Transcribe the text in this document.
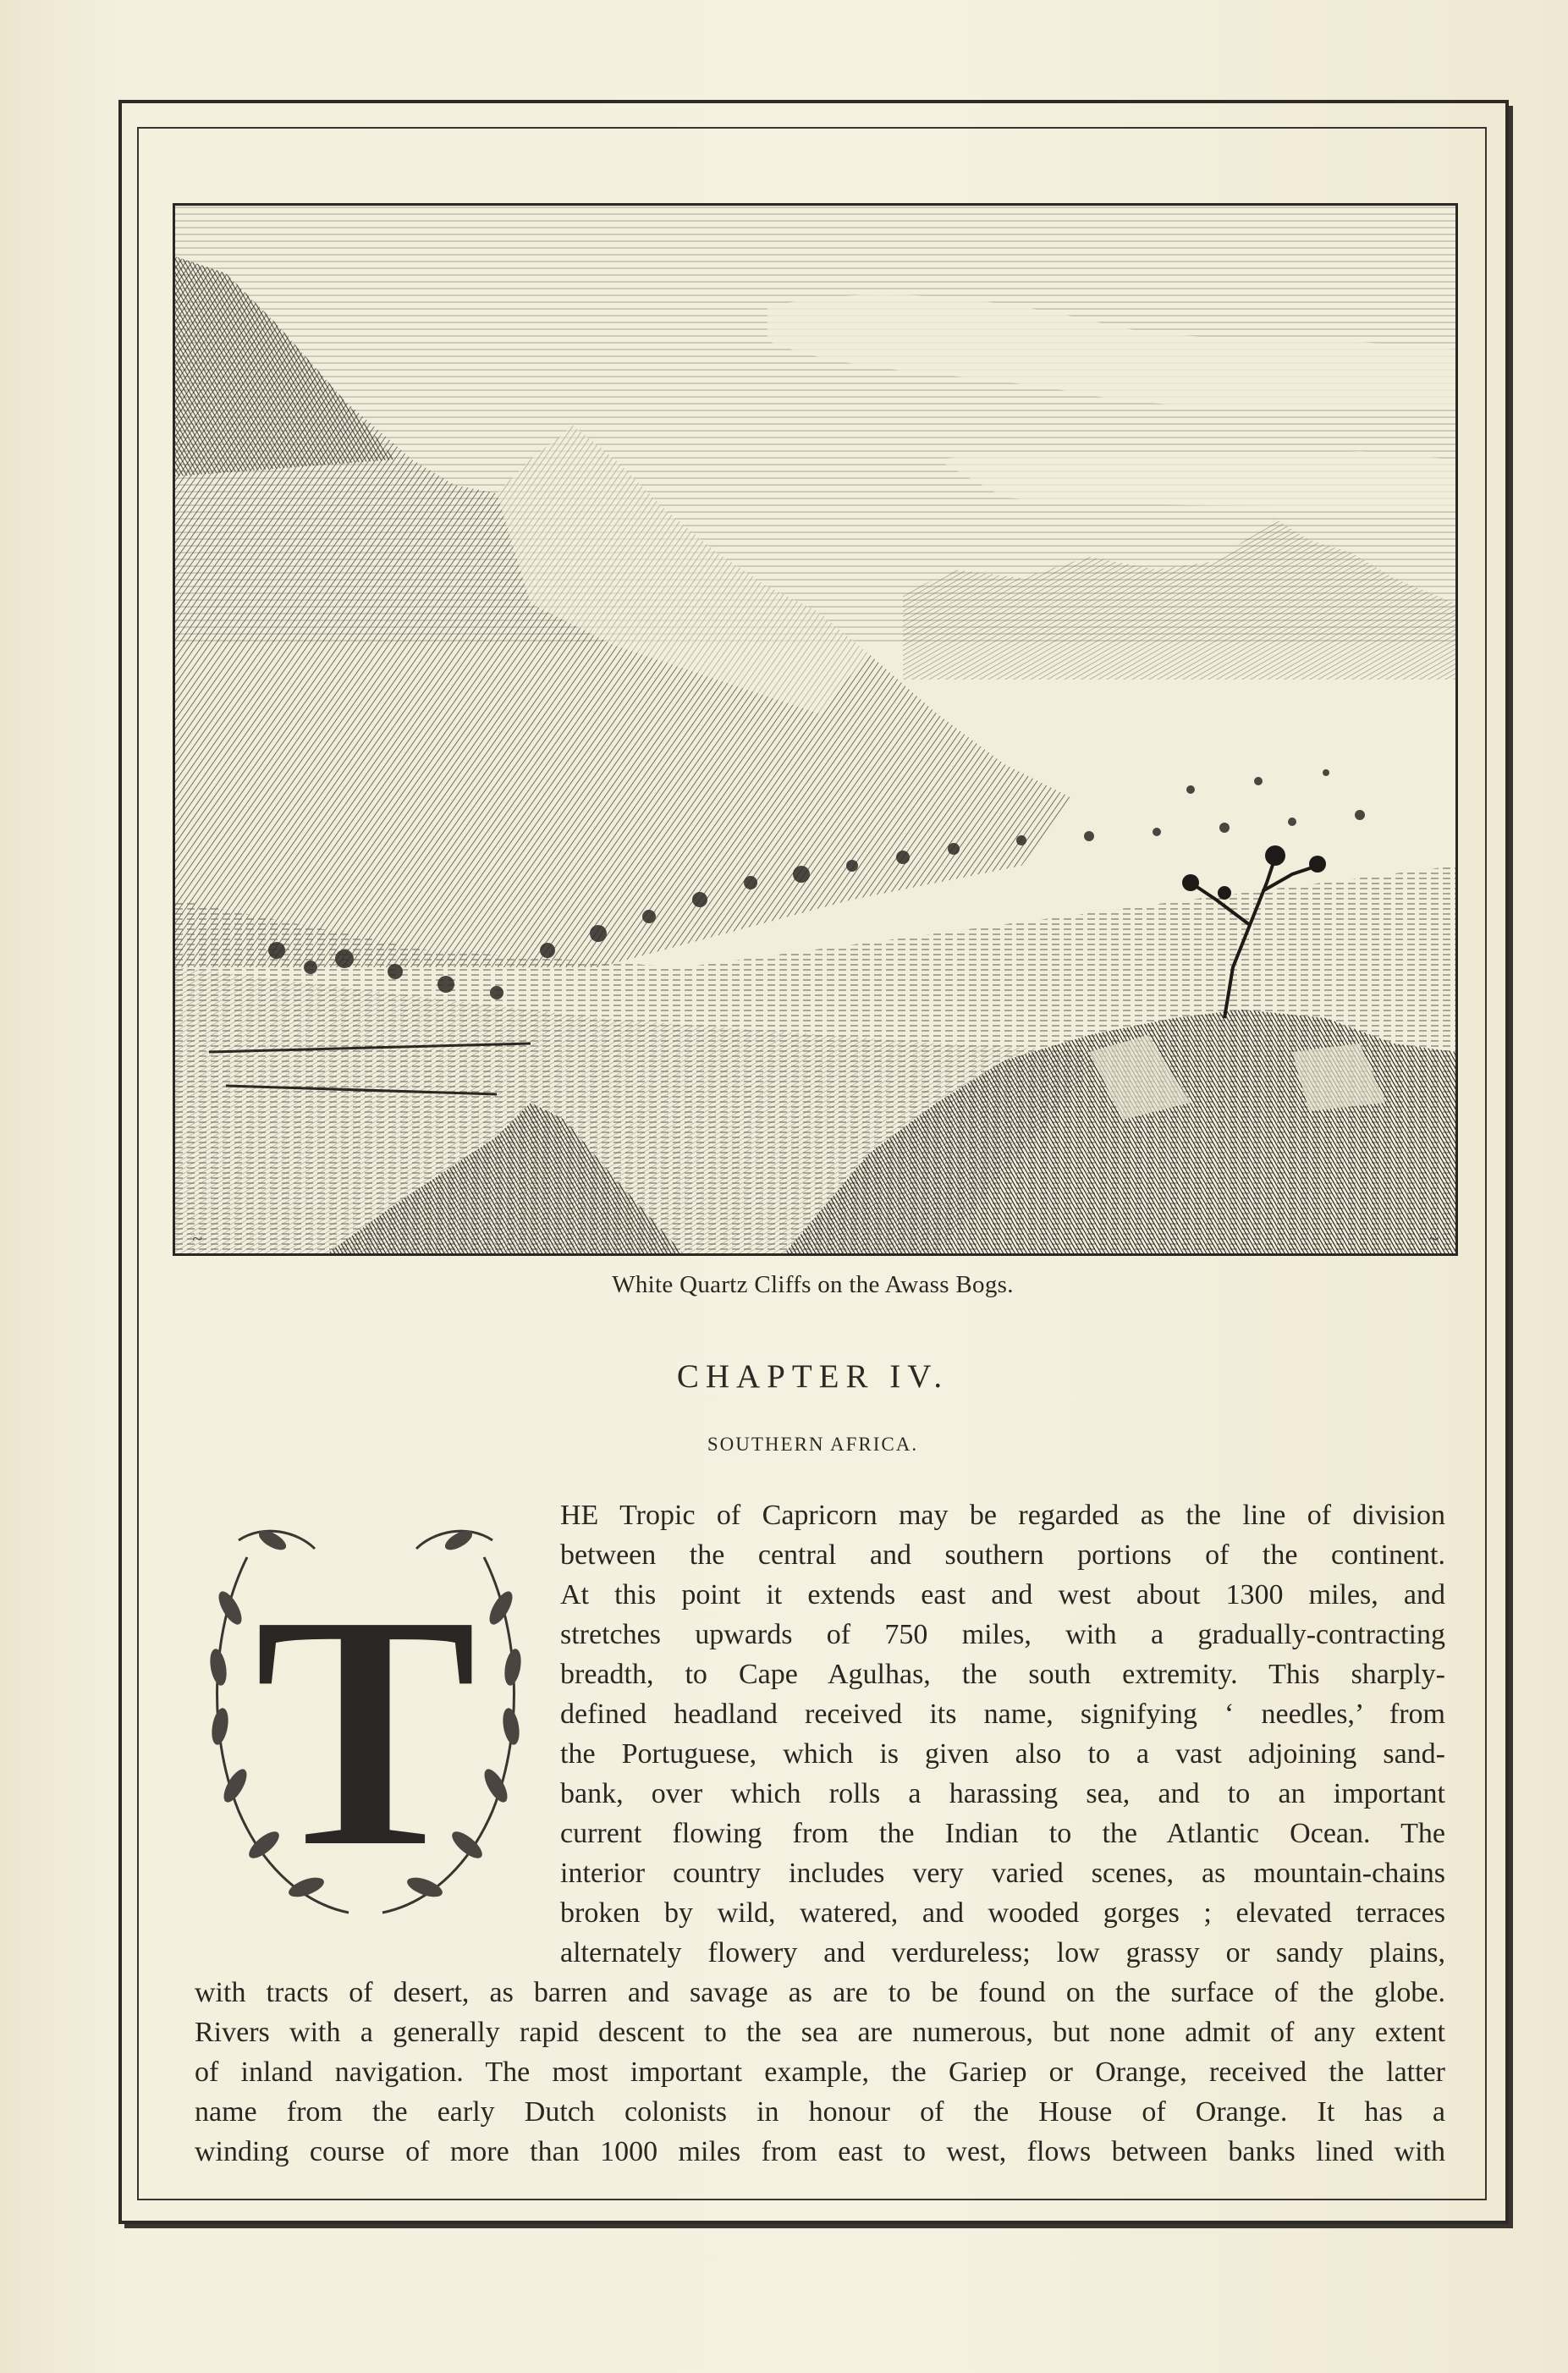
~	~
White Quartz Cliffs on the Awass Bogs.
CHAPTER IV.
SOUTHERN AFRICA.
T
HE Tropic of Capricorn may be regarded as the line of division
between the central and southern portions of the continent.
At this point it extends east and west about 1300 miles, and
stretches upwards of 750 miles, with a gradually-contracting
breadth, to Cape Agulhas, the south extremity. This sharply-
defined headland received its name, signifying ‘ needles,’ from
the Portuguese, which is given also to a vast adjoining sand-
bank, over which rolls a harassing sea, and to an important
current flowing from the Indian to the Atlantic Ocean. The
interior country includes very varied scenes, as mountain-chains
broken by wild, watered, and wooded gorges ; elevated terraces
alternately flowery and verdureless; low grassy or sandy plains,
with tracts of desert, as barren and savage as are to be found on the surface of the globe.
Rivers with a generally rapid descent to the sea are numerous, but none admit of any extent
of inland navigation. The most important example, the Gariep or Orange, received the latter
name from the early Dutch colonists in honour of the House of Orange. It has a
winding course of more than 1000 miles from east to west, flows between banks lined with
